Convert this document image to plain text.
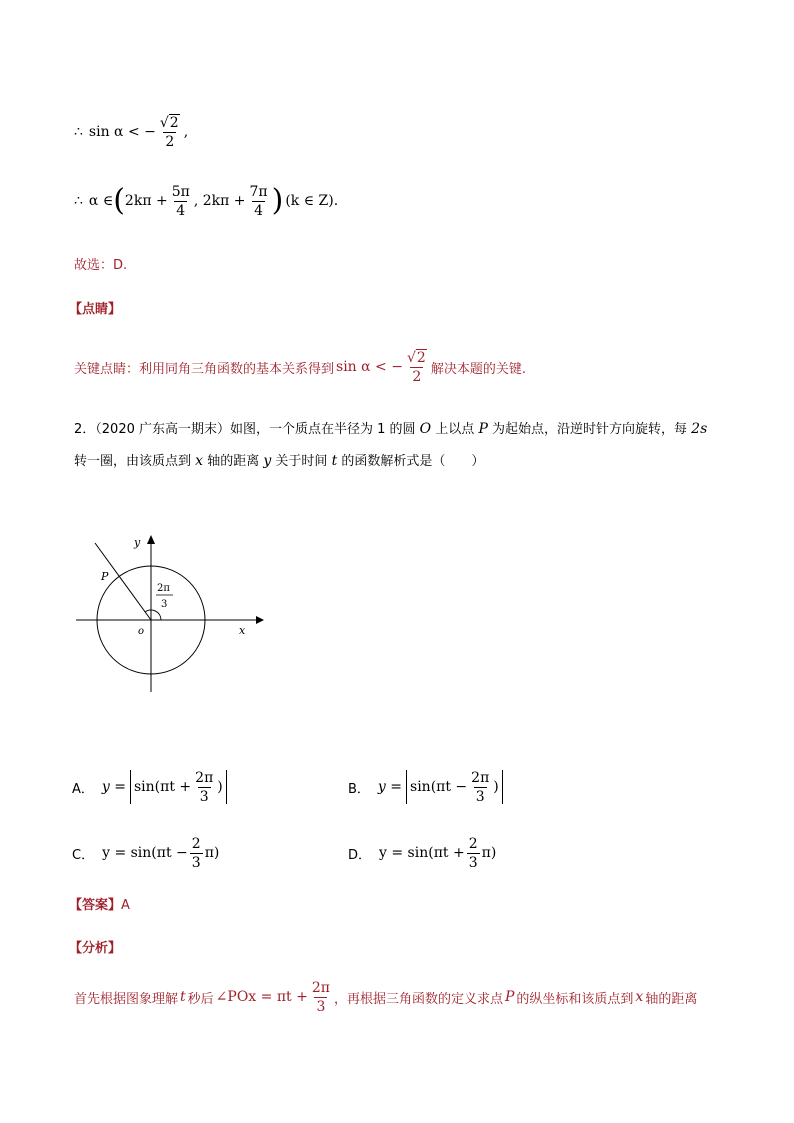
∴ sin α < − $\frac{√2}{2}$ ,
∴ α ∈ ( $2k\pi + \frac{5\pi}{4}$ , $2k\pi + \frac{7\pi}{4}$ ) (k ∈ Z).
故选：D.
【点睛】
关键点睛：利用同角三角函数的基本关系得到 sin α < − $\frac{√2}{2}$ 解决本题的关键.
2．（2020 广东高一期末）如图，一个质点在半径为 1 的圆 O 上以点 P 为起始点，沿逆时针方向旋转，每 2s
转一圈，由该质点到 x 轴的距离 y 关于时间 t 的函数解析式是（　　）
y
x
o
P
2π
3
A． $y = \sin(\pi t + \frac{2\pi}{3}$ )	B． $y = \sin(\pi t - \frac{2\pi}{3}$ )
C． $y = \sin(\pi t - \frac{2}{3} \pi)$	D． $y = \sin(\pi t + \frac{2}{3} \pi)$
【答案】A
【分析】
首先根据图象理解 t 秒后 ∠POx = $\pi t + \frac{2\pi}{3}$ ，再根据三角函数的定义求点 P 的纵坐标和该质点到 x 轴的距离
